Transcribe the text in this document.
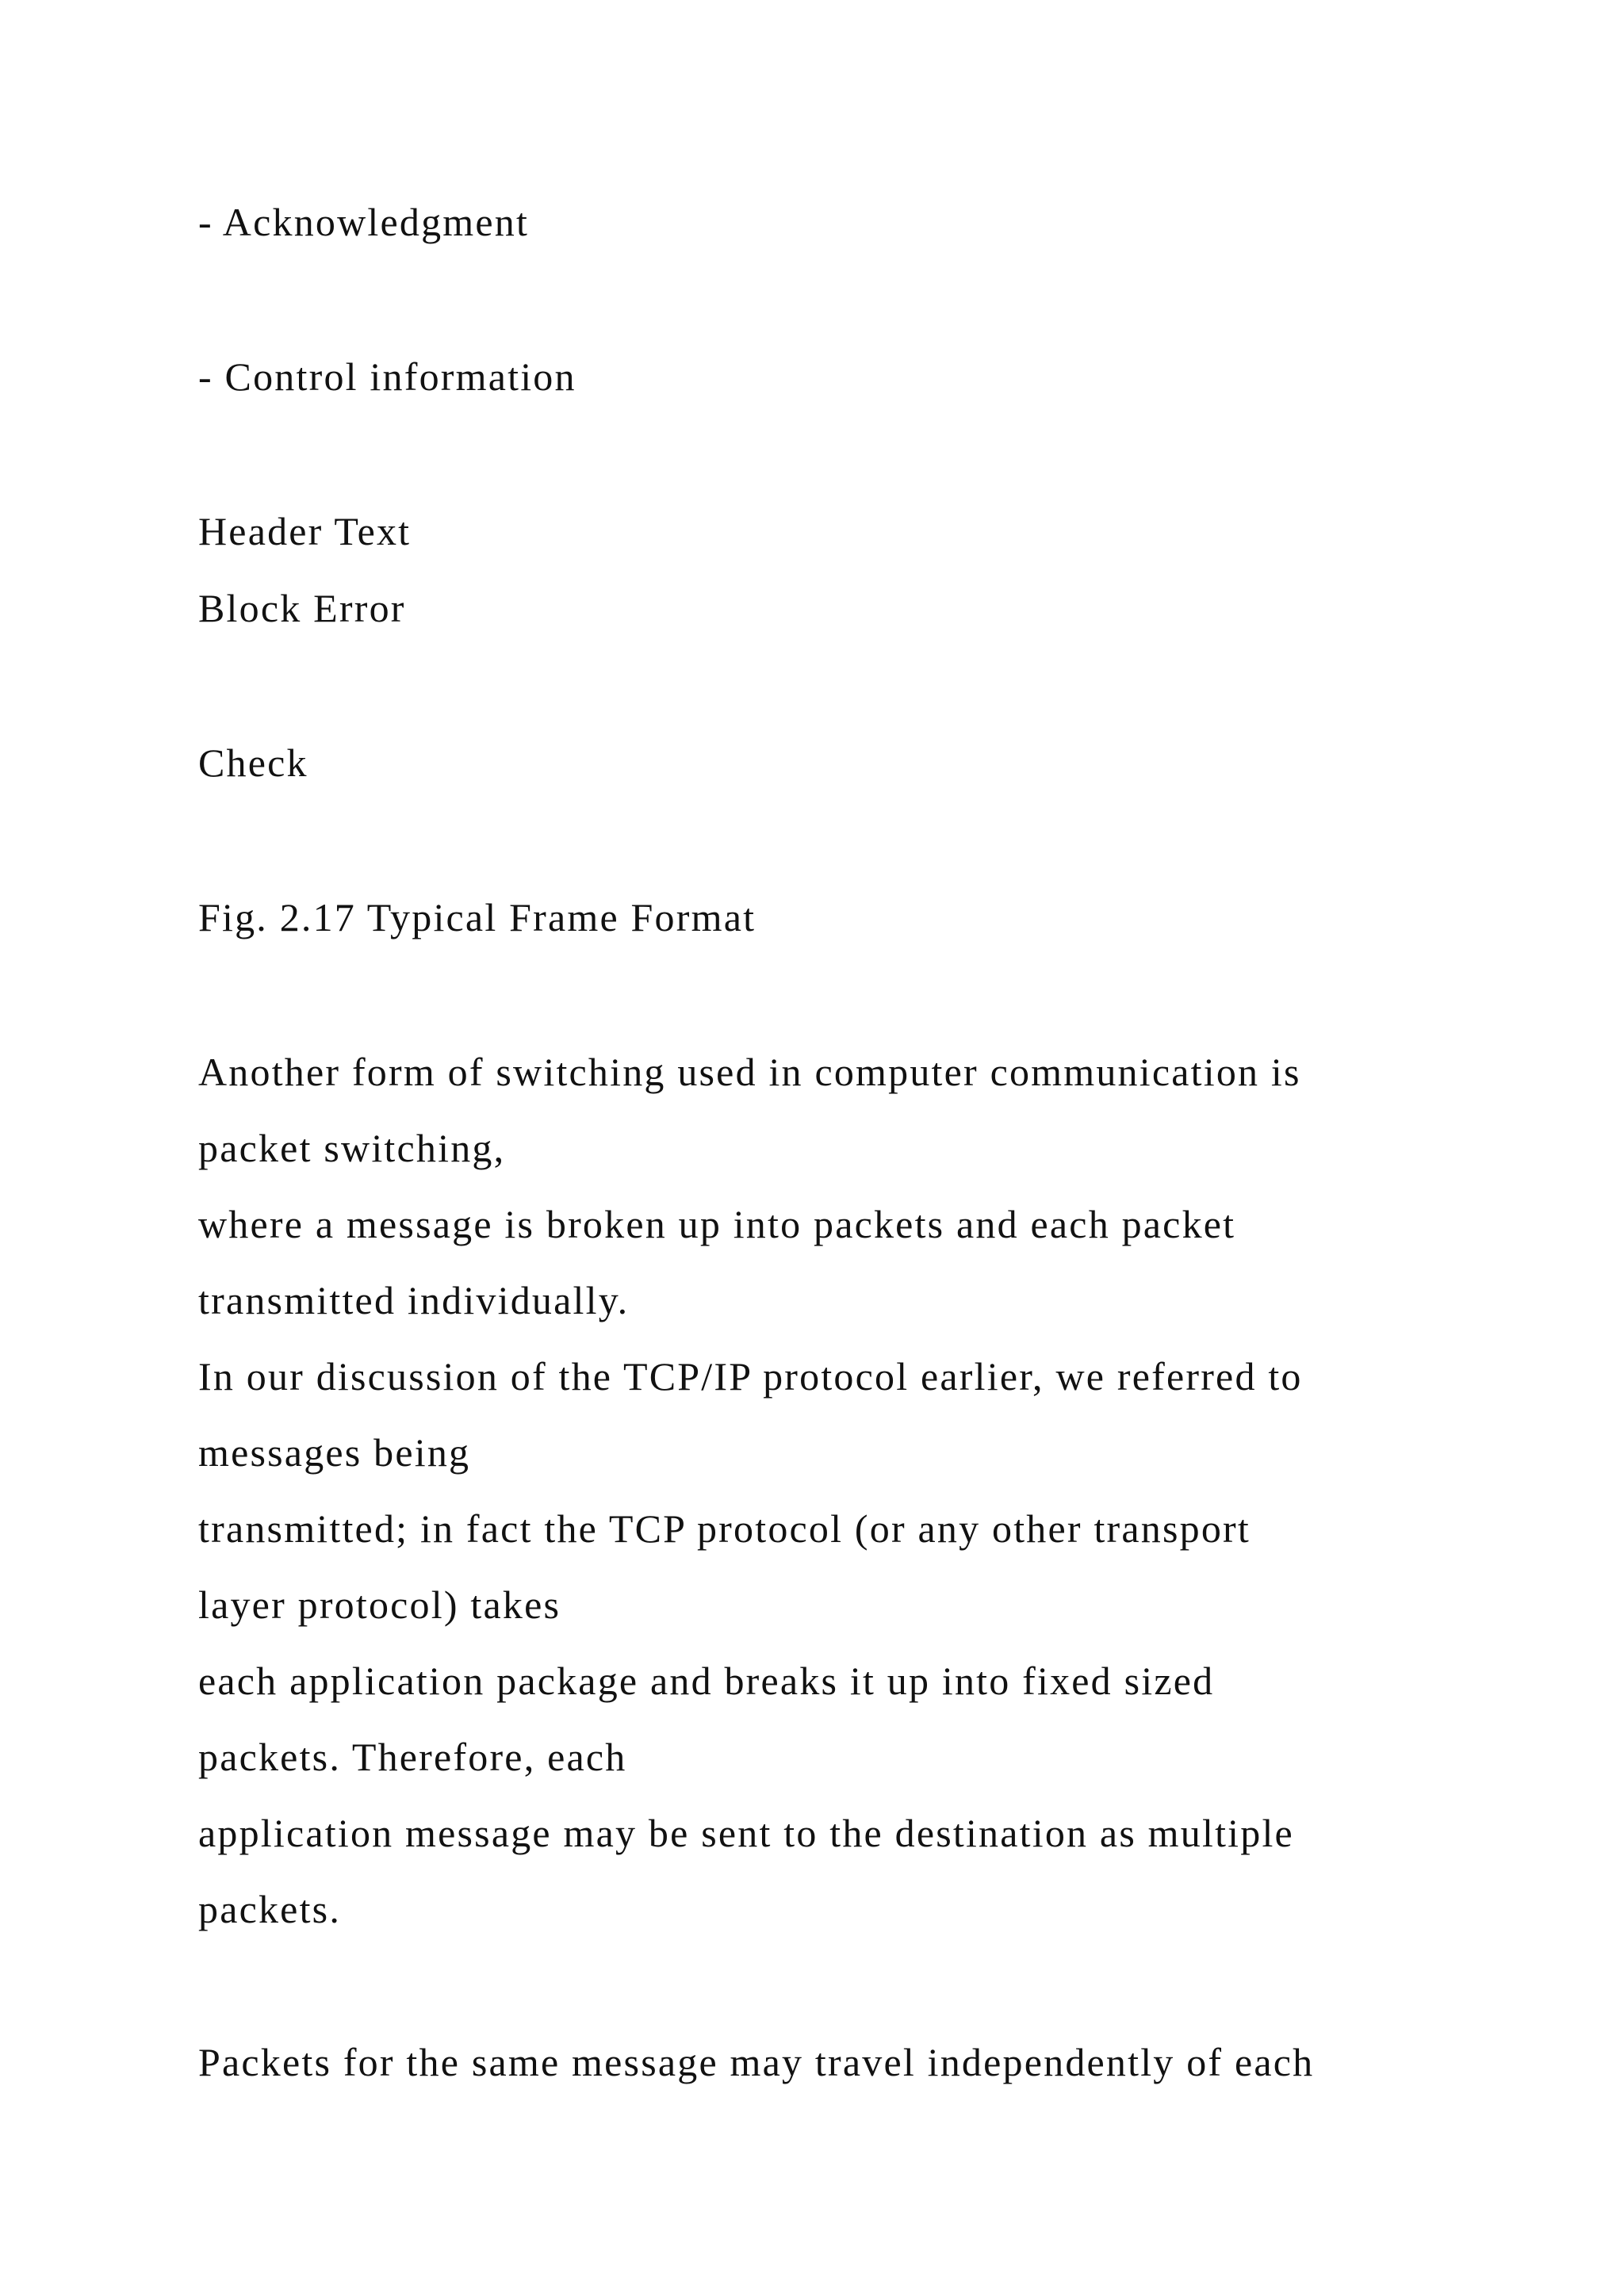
- Acknowledgment

- Control information

Header Text

Block Error

Check

Fig. 2.17 Typical Frame Format

Another form of switching used in computer communication is

packet switching,

where a message is broken up into packets and each packet

transmitted individually.

In our discussion of the TCP/IP protocol earlier, we referred to

messages being

transmitted; in fact the TCP protocol (or any other transport

layer protocol) takes

each application package and breaks it up into fixed sized

packets. Therefore, each

application message may be sent to the destination as multiple

packets.

Packets for the same message may travel independently of each
